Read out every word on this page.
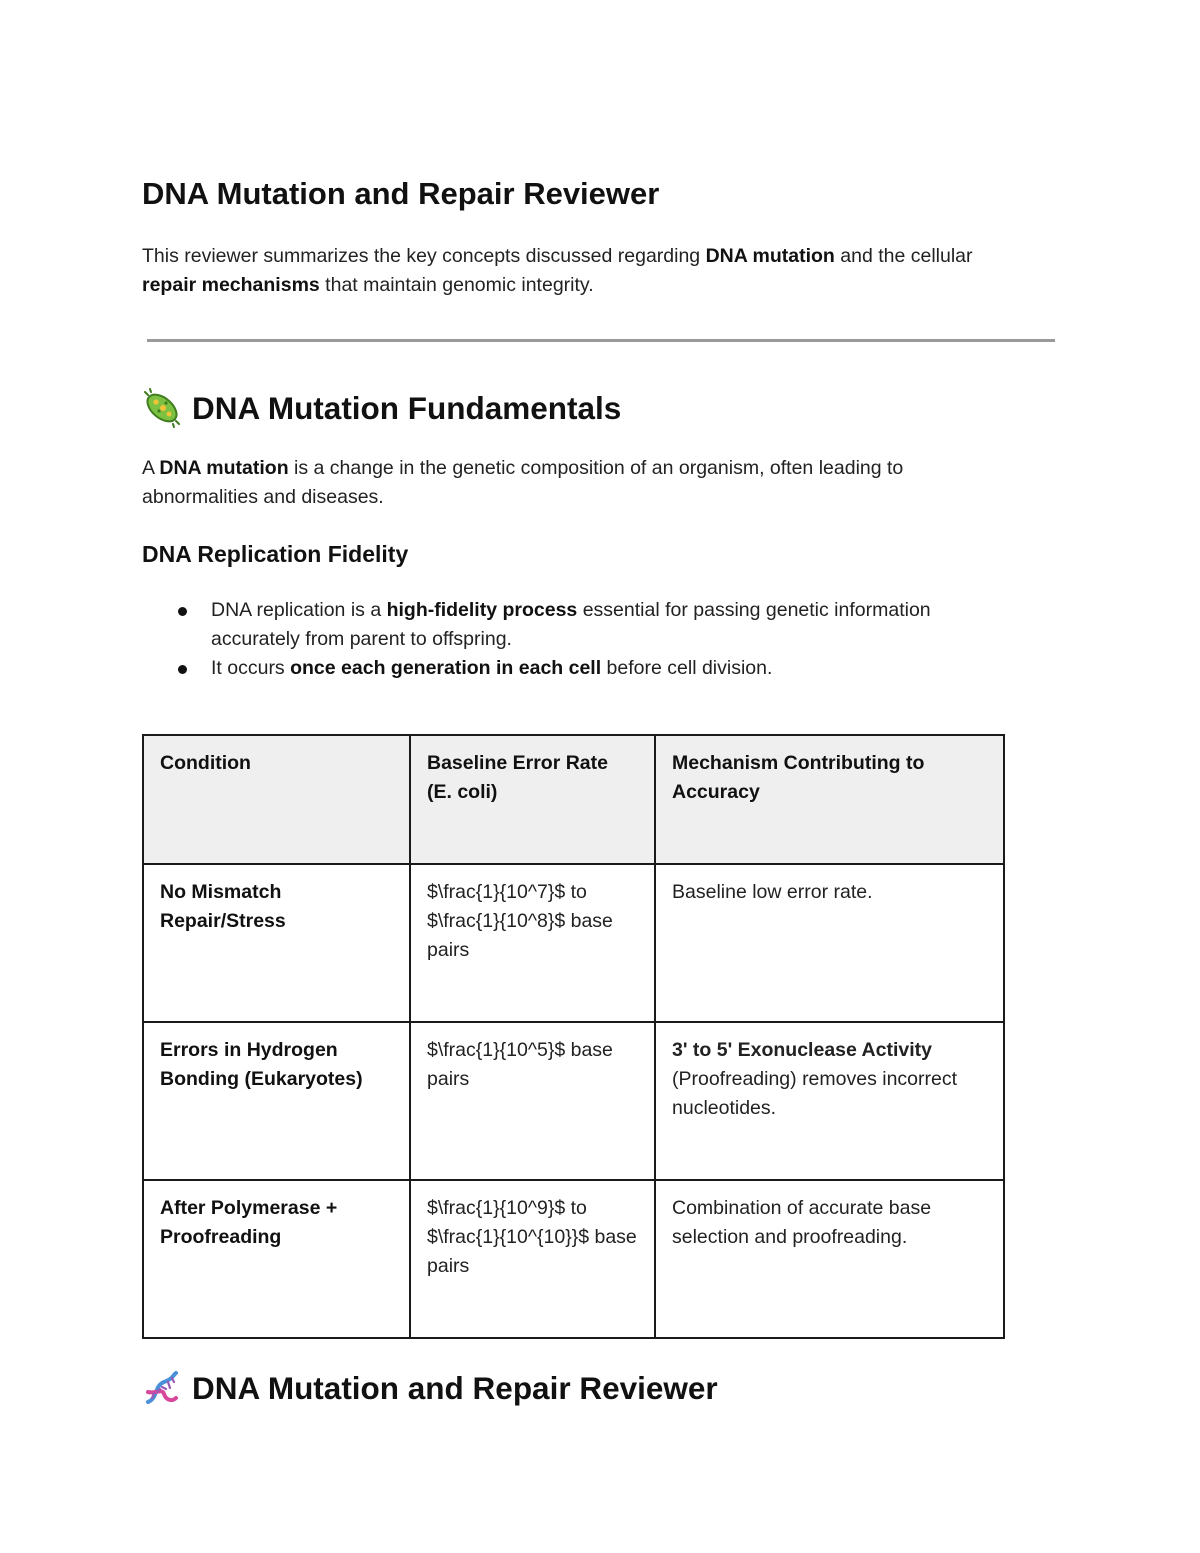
DNA Mutation and Repair Reviewer

This reviewer summarizes the key concepts discussed regarding DNA mutation and the cellular repair mechanisms that maintain genomic integrity.

DNA Mutation Fundamentals

A DNA mutation is a change in the genetic composition of an organism, often leading to abnormalities and diseases.

DNA Replication Fidelity
DNA replication is a high-fidelity process essential for passing genetic information accurately from parent to offspring.
It occurs once each generation in each cell before cell division.
Condition	Baseline Error Rate (E. coli)	Mechanism Contributing to Accuracy
No Mismatch Repair/Stress	$\frac{1}{10^7}$ to $\frac{1}{10^8}$ base pairs	Baseline low error rate.
Errors in Hydrogen Bonding (Eukaryotes)	$\frac{1}{10^5}$ base pairs	3' to 5' Exonuclease Activity (Proofreading) removes incorrect nucleotides.
After Polymerase + Proofreading	$\frac{1}{10^9}$ to $\frac{1}{10^{10}}$ base pairs	Combination of accurate base selection and proofreading.
DNA Mutation and Repair Reviewer
